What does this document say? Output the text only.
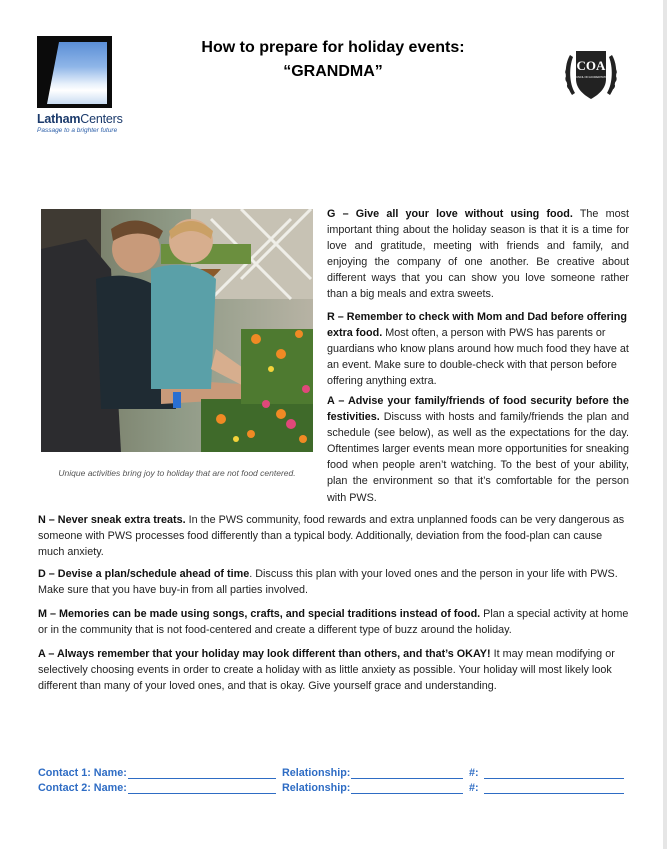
LathamCenters
Passage to a brighter future
How to prepare for holiday events:
“GRANDMA”	COA
COUNCIL ON ACCREDITATION
Unique activities bring joy to holiday that are not food centered.
G – Give all your love without using food. The most important thing about the holiday season is that it is a time for love and gratitude, meeting with friends and family, and enjoying the company of one another. Be creative about different ways that you can show you love someone rather than a big meals and extra sweets.
R – Remember to check with Mom and Dad before offering extra food. Most often, a person with PWS has parents or guardians who know plans around how much food they have at an event. Make sure to double-check with that person before offering anything extra.
A – Advise your family/friends of food security before the festivities. Discuss with hosts and family/friends the plan and schedule (see below), as well as the expectations for the day. Oftentimes larger events mean more opportunities for sneaking food when people aren’t watching. To the best of your ability, plan the environment so that it’s comfortable for the person with PWS.
N – Never sneak extra treats. In the PWS community, food rewards and extra unplanned foods can be very dangerous as someone with PWS processes food differently than a typical body. Additionally, deviation from the food-plan can cause much anxiety.
D – Devise a plan/schedule ahead of time. Discuss this plan with your loved ones and the person in your life with PWS. Make sure that you have buy-in from all parties involved.
M – Memories can be made using songs, crafts, and special traditions instead of food. Plan a special activity at home or in the community that is not food-centered and create a different type of buzz around the holiday.
A – Always remember that your holiday may look different than others, and that’s OKAY! It may mean modifying or selectively choosing events in order to create a holiday with as little anxiety as possible. Your holiday will most likely look different than many of your loved ones, and that is okay. Give yourself grace and understanding.
Contact 1: Name:	Relationship:	#:
Contact 2: Name:	Relationship:	#:
